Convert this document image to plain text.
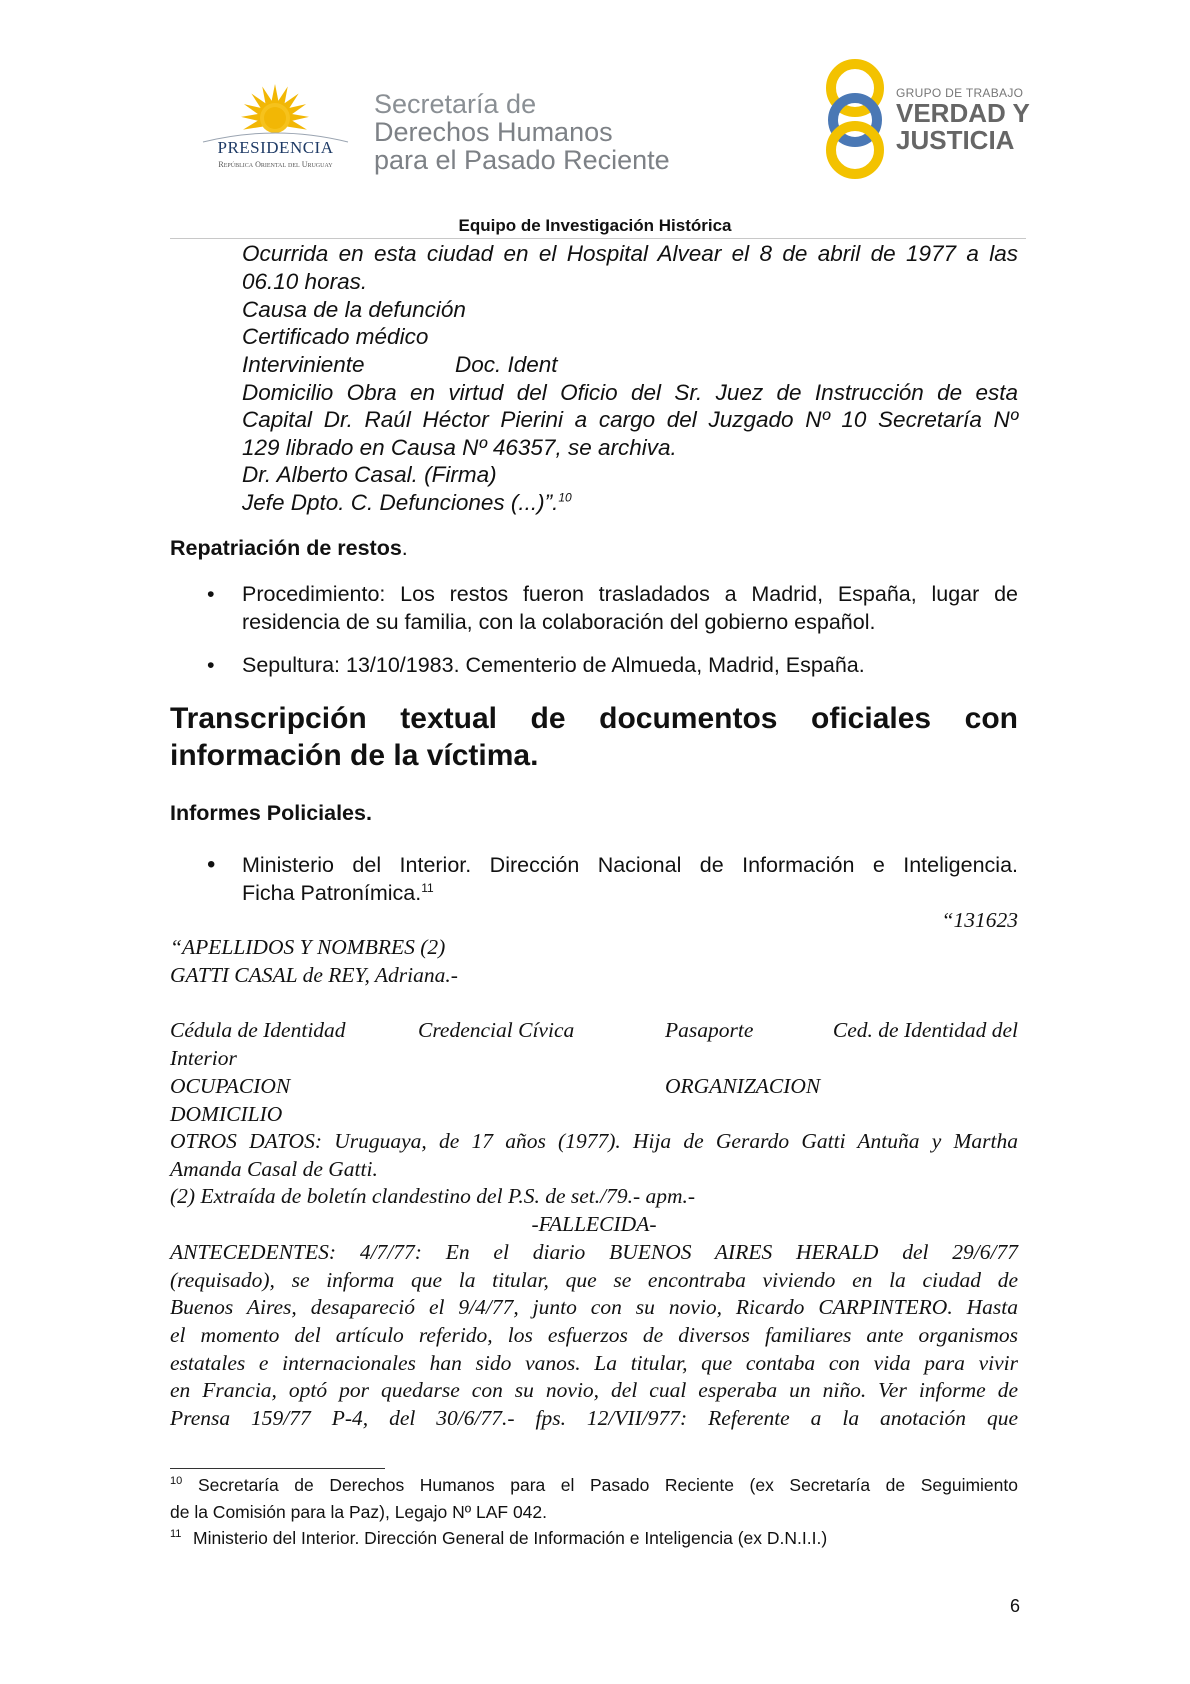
PRESIDENCIA
República Oriental del Uruguay
Secretaría de
Derechos Humanos
para el Pasado Reciente
GRUPO DE TRABAJO
VERDAD Y
JUSTICIA
Equipo de Investigación Histórica
Ocurrida en esta ciudad en el Hospital Alvear el 8 de abril de 1977 a las
06.10 horas.
Causa de la defunción
Certificado médico
Interviniente	Doc. Ident
Domicilio Obra en virtud del Oficio del Sr. Juez de Instrucción de esta
Capital Dr. Raúl Héctor Pierini a cargo del Juzgado Nº 10 Secretaría Nº
129 librado en Causa Nº 46357, se archiva.
Dr. Alberto Casal. (Firma)
Jefe Dpto. C. Defunciones (...)”.$^{10}$
Repatriación de restos.
• Procedimiento: Los restos fueron trasladados a Madrid, España, lugar de
residencia de su familia, con la colaboración del gobierno español.
• Sepultura: 13/10/1983. Cementerio de Almueda, Madrid, España.
Transcripción textual de documentos oficiales con
información de la víctima.
Informes Policiales.
• Ministerio del Interior. Dirección Nacional de Información e Inteligencia.
Ficha Patronímica.$^{11}$
“131623
“APELLIDOS Y NOMBRES (2)
GATTI CASAL de REY, Adriana.-
Cédula de Identidad	Credencial Cívica	Pasaporte	Ced. de Identidad del
Interior
OCUPACION	ORGANIZACION
DOMICILIO
OTROS DATOS: Uruguaya, de 17 años (1977). Hija de Gerardo Gatti Antuña y Martha
Amanda Casal de Gatti.
(2) Extraída de boletín clandestino del P.S. de set./79.- apm.-
-FALLECIDA-
ANTECEDENTES: 4/7/77: En el diario BUENOS AIRES HERALD del 29/6/77
(requisado), se informa que la titular, que se encontraba viviendo en la ciudad de
Buenos Aires, desapareció el 9/4/77, junto con su novio, Ricardo CARPINTERO. Hasta
el momento del artículo referido, los esfuerzos de diversos familiares ante organismos
estatales e internacionales han sido vanos. La titular, que contaba con vida para vivir
en Francia, optó por quedarse con su novio, del cual esperaba un niño. Ver informe de
Prensa 159/77 P-4, del 30/6/77.- fps. 12/VII/977: Referente a la anotación que
$^{10}$ Secretaría de Derechos Humanos para el Pasado Reciente (ex Secretaría de Seguimiento
de la Comisión para la Paz), Legajo Nº LAF 042.
$^{11}$ Ministerio del Interior. Dirección General de Información e Inteligencia (ex D.N.I.I.)
6
